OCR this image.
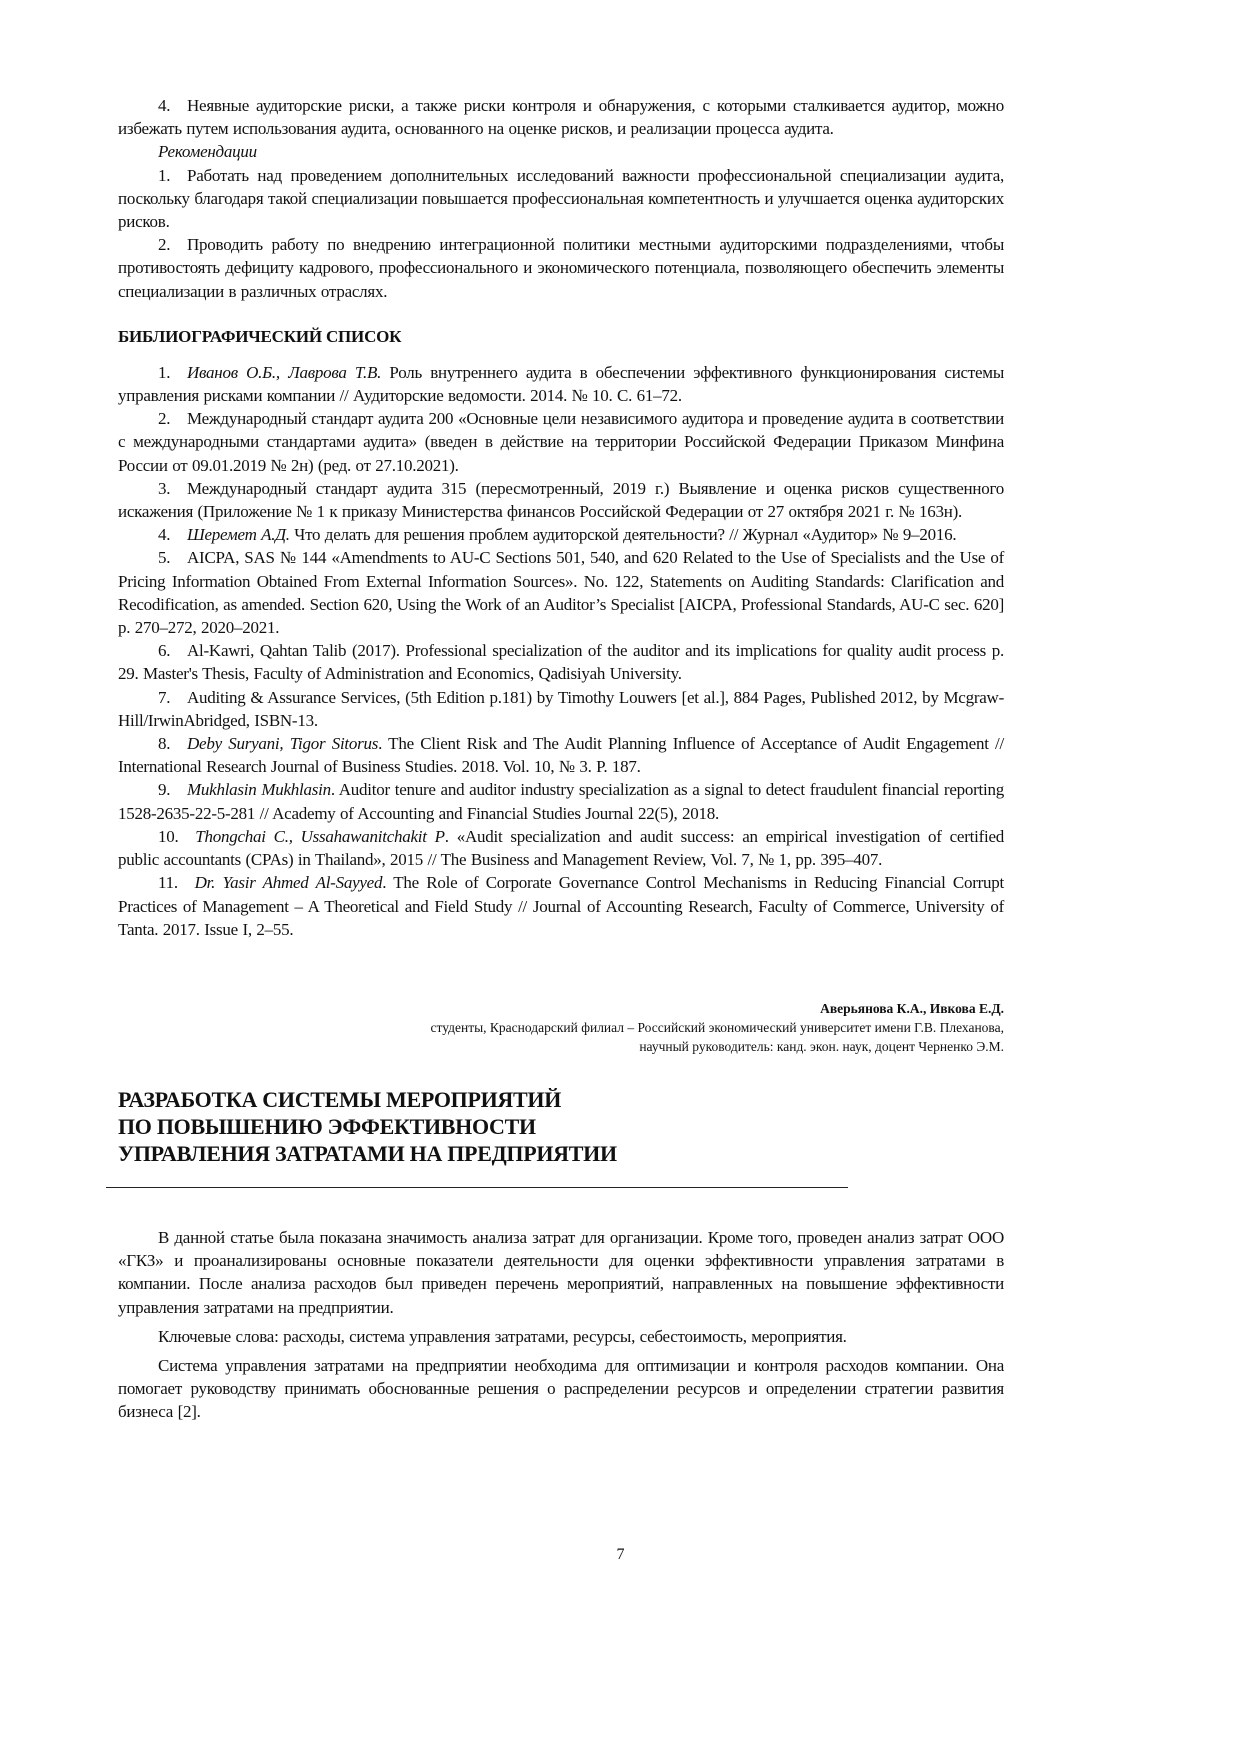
4. Неявные аудиторские риски, а также риски контроля и обнаружения, с которыми сталкивается аудитор, можно избежать путем использования аудита, основанного на оценке рисков, и реализации процесса аудита.

Рекомендации

1. Работать над проведением дополнительных исследований важности профессиональной специализации аудита, поскольку благодаря такой специализации повышается профессиональная компетентность и улучшается оценка аудиторских рисков.

2. Проводить работу по внедрению интеграционной политики местными аудиторскими подразделениями, чтобы противостоять дефициту кадрового, профессионального и экономического потенциала, позволяющего обеспечить элементы специализации в различных отраслях.

БИБЛИОГРАФИЧЕСКИЙ СПИСОК

1. Иванов О.Б., Лаврова Т.В. Роль внутреннего аудита в обеспечении эффективного функционирования системы управления рисками компании // Аудиторские ведомости. 2014. № 10. С. 61–72.

2. Международный стандарт аудита 200 «Основные цели независимого аудитора и проведение аудита в соответствии с международными стандартами аудита» (введен в действие на территории Российской Федерации Приказом Минфина России от 09.01.2019 № 2н) (ред. от 27.10.2021).

3. Международный стандарт аудита 315 (пересмотренный, 2019 г.) Выявление и оценка рисков существенного искажения (Приложение № 1 к приказу Министерства финансов Российской Федерации от 27 октября 2021 г. № 163н).

4. Шеремет А.Д. Что делать для решения проблем аудиторской деятельности? // Журнал «Аудитор» № 9–2016.

5. AICPA, SAS № 144 «Amendments to AU-C Sections 501, 540, and 620 Related to the Use of Specialists and the Use of Pricing Information Obtained From External Information Sources». No. 122, Statements on Auditing Standards: Clarification and Recodification, as amended. Section 620, Using the Work of an Auditor’s Specialist [AICPA, Professional Standards, AU-C sec. 620] p. 270–272, 2020–2021.

6. Al-Kawri, Qahtan Talib (2017). Professional specialization of the auditor and its implications for quality audit process p. 29. Master's Thesis, Faculty of Administration and Economics, Qadisiyah University.

7. Auditing & Assurance Services, (5th Edition p.181) by Timothy Louwers [et al.], 884 Pages, Published 2012, by Mcgraw-Hill/IrwinAbridged, ISBN-13.

8. Deby Suryani, Tigor Sitorus. The Client Risk and The Audit Planning Influence of Acceptance of Audit Engagement // International Research Journal of Business Studies. 2018. Vol. 10, № 3. P. 187.

9. Mukhlasin Mukhlasin. Auditor tenure and auditor industry specialization as a signal to detect fraudulent financial reporting 1528-2635-22-5-281 // Academy of Accounting and Financial Studies Journal 22(5), 2018.

10. Thongchai C., Ussahawanitchakit P. «Audit specialization and audit success: an empirical investigation of certified public accountants (CPAs) in Thailand», 2015 // The Business and Management Review, Vol. 7, № 1, pp. 395–407.

11. Dr. Yasir Ahmed Al-Sayyed. The Role of Corporate Governance Control Mechanisms in Reducing Financial Corrupt Practices of Management – A Theoretical and Field Study // Journal of Accounting Research, Faculty of Commerce, University of Tanta. 2017. Issue I, 2–55.

Аверьянова К.А., Ивкова Е.Д.
студенты, Краснодарский филиал – Российский экономический университет имени Г.В. Плеханова,
научный руководитель: канд. экон. наук, доцент Черненко Э.М.
РАЗРАБОТКА СИСТЕМЫ МЕРОПРИЯТИЙ
ПО ПОВЫШЕНИЮ ЭФФЕКТИВНОСТИ
УПРАВЛЕНИЯ ЗАТРАТАМИ НА ПРЕДПРИЯТИИ

В данной статье была показана значимость анализа затрат для организации. Кроме того, проведен анализ затрат ООО «ГКЗ» и проанализированы основные показатели деятельности для оценки эффективности управления затратами в компании. После анализа расходов был приведен перечень мероприятий, направленных на повышение эффективности управления затратами на предприятии.

Ключевые слова: расходы, система управления затратами, ресурсы, себестоимость, мероприятия.

Система управления затратами на предприятии необходима для оптимизации и контроля расходов компании. Она помогает руководству принимать обоснованные решения о распределении ресурсов и определении стратегии развития бизнеса [2].

7
